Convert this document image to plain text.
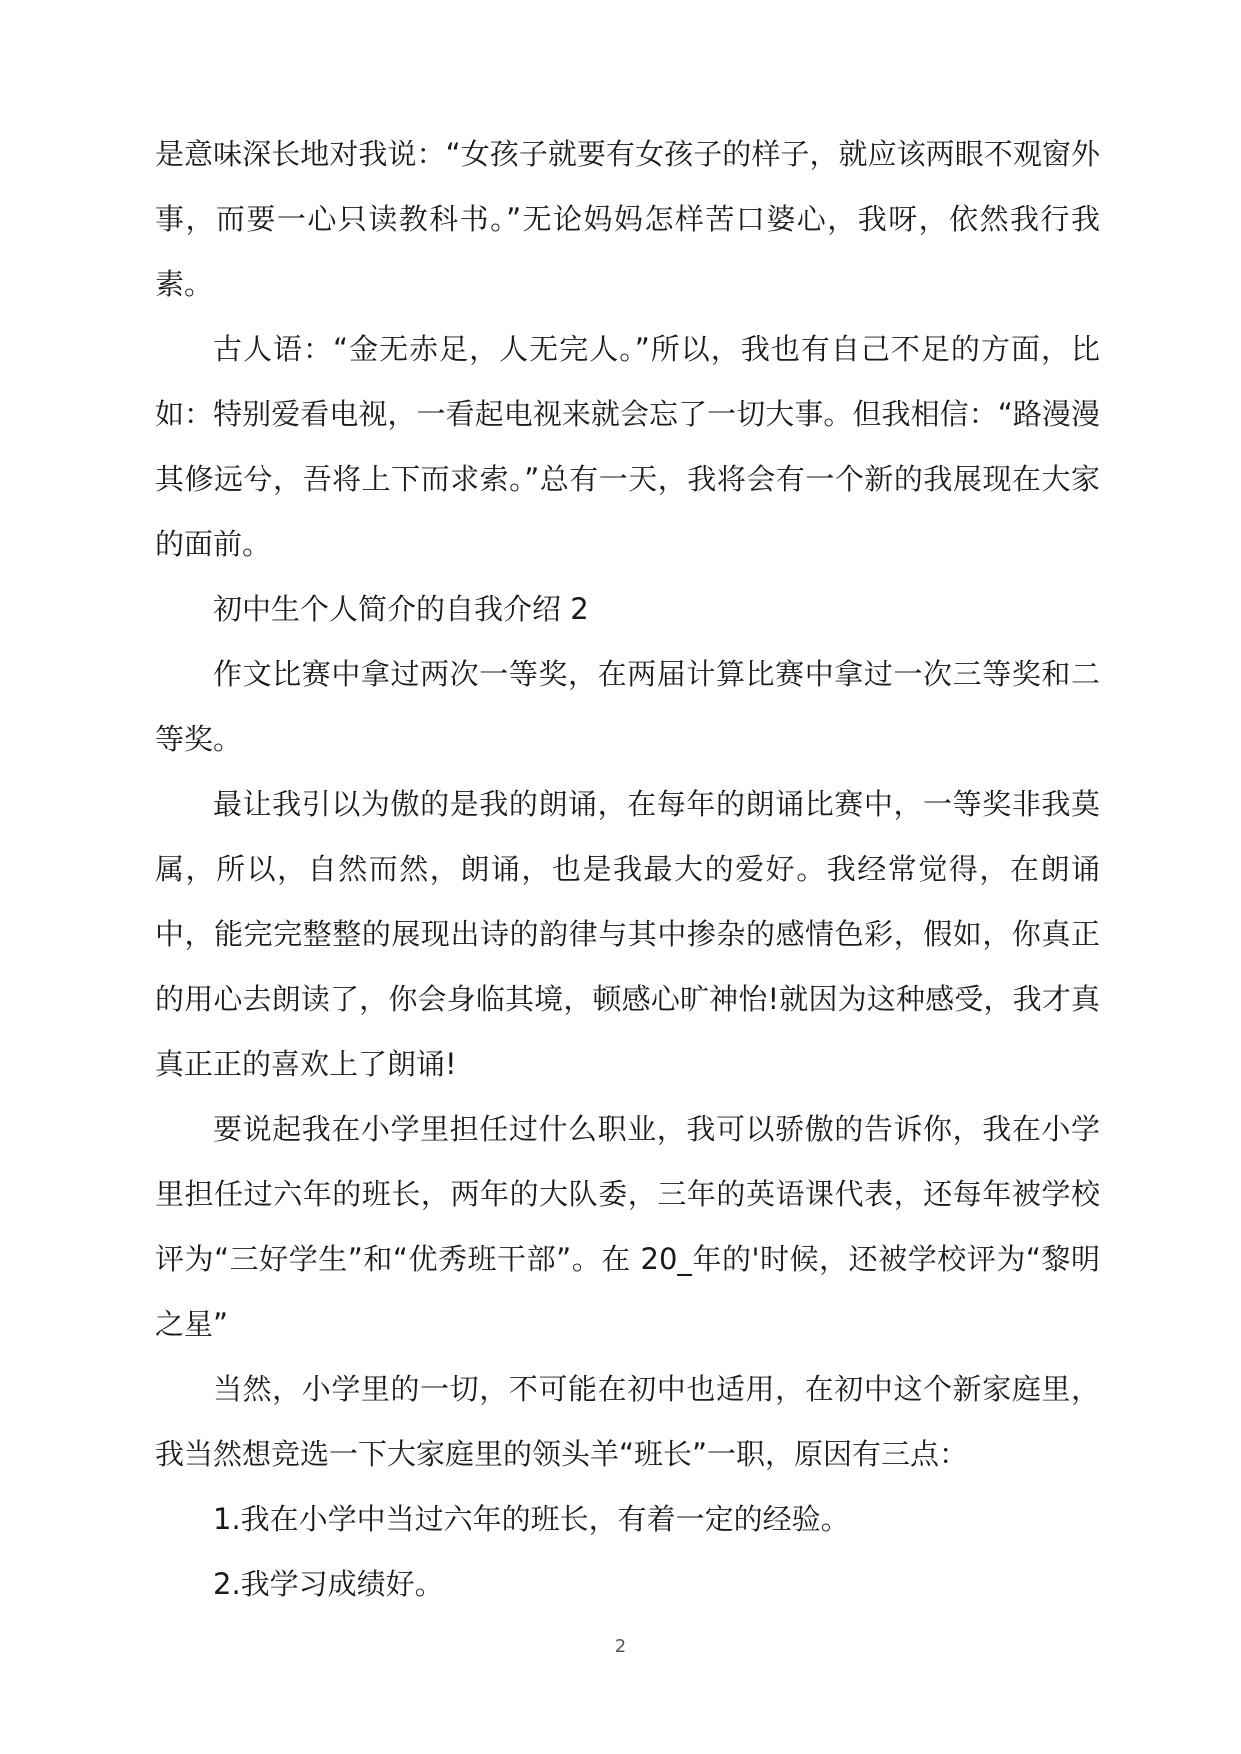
是意味深长地对我说：“女孩子就要有女孩子的样子，就应该两眼不观窗外事，而要一心只读教科书。”无论妈妈怎样苦口婆心，我呀，依然我行我素。

古人语：“金无赤足，人无完人。”所以，我也有自己不足的方面，比如：特别爱看电视，一看起电视来就会忘了一切大事。但我相信：“路漫漫其修远兮，吾将上下而求索。”总有一天，我将会有一个新的我展现在大家的面前。

初中生个人简介的自我介绍 2

作文比赛中拿过两次一等奖，在两届计算比赛中拿过一次三等奖和二等奖。

最让我引以为傲的是我的朗诵，在每年的朗诵比赛中，一等奖非我莫属，所以，自然而然，朗诵，也是我最大的爱好。我经常觉得，在朗诵中，能完完整整的展现出诗的韵律与其中掺杂的感情色彩，假如，你真正的用心去朗读了，你会身临其境，顿感心旷神怡!就因为这种感受，我才真真正正的喜欢上了朗诵!

要说起我在小学里担任过什么职业，我可以骄傲的告诉你，我在小学里担任过六年的班长，两年的大队委，三年的英语课代表，还每年被学校评为“三好学生”和“优秀班干部”。在 20_年的'时候，还被学校评为“黎明之星”

当然，小学里的一切，不可能在初中也适用，在初中这个新家庭里，我当然想竞选一下大家庭里的领头羊“班长”一职，原因有三点：

1.我在小学中当过六年的班长，有着一定的经验。

2.我学习成绩好。

2
